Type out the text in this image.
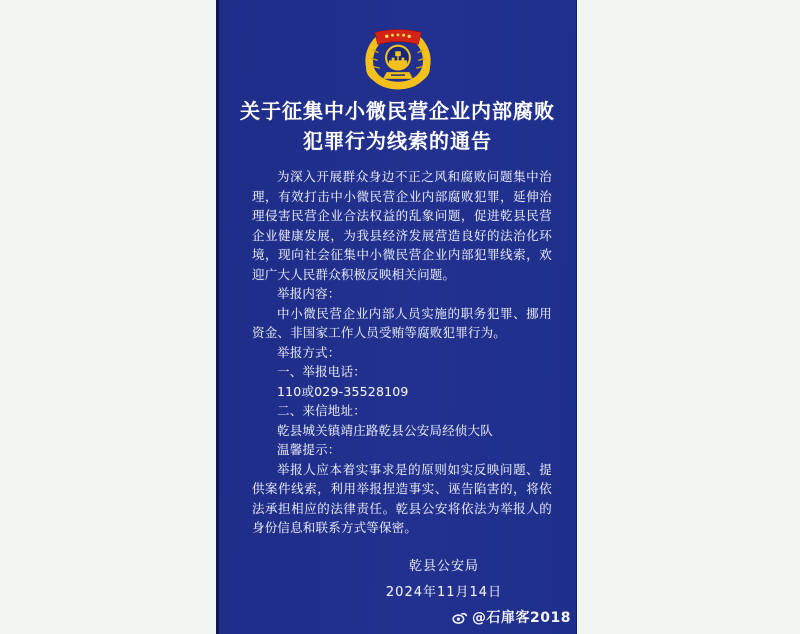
关于征集中小微民营企业内部腐败
犯罪行为线索的通告

为深入开展群众身边不正之风和腐败问题集中治理，有效打击中小微民营企业内部腐败犯罪，延伸治理侵害民营企业合法权益的乱象问题，促进乾县民营企业健康发展，为我县经济发展营造良好的法治化环境，现向社会征集中小微民营企业内部犯罪线索，欢迎广大人民群众积极反映相关问题。

举报内容：

中小微民营企业内部人员实施的职务犯罪、挪用资金、非国家工作人员受贿等腐败犯罪行为。

举报方式：

一、举报电话：

110或029-35528109

二、来信地址：

乾县城关镇靖庄路乾县公安局经侦大队

温馨提示：

举报人应本着实事求是的原则如实反映问题、提供案件线索，利用举报捏造事实、诬告陷害的，将依法承担相应的法律责任。乾县公安将依法为举报人的身份信息和联系方式等保密。

乾县公安局
2024年11月14日
@石扉客2018
